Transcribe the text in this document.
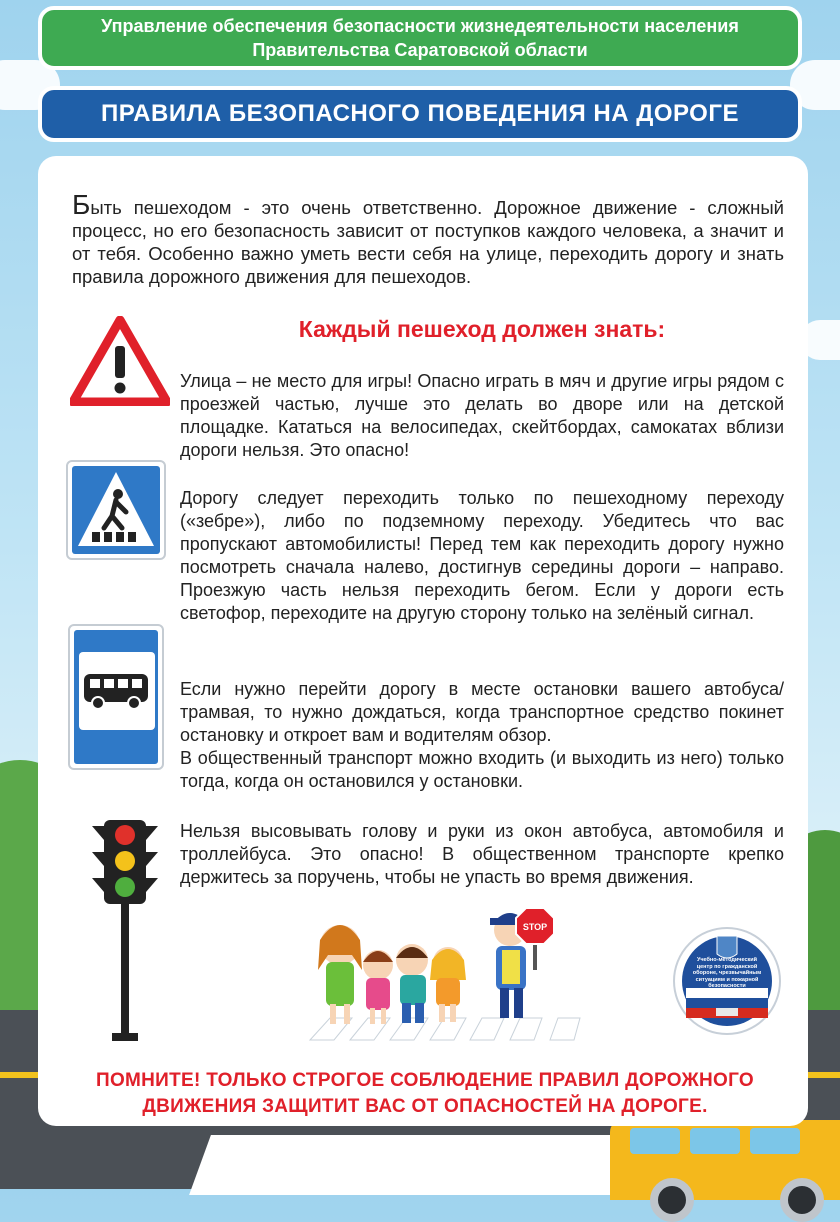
Управление обеспечения безопасности жизнедеятельности населения
Правительства Саратовской области
ПРАВИЛА БЕЗОПАСНОГО ПОВЕДЕНИЯ НА ДОРОГЕ
Быть пешеходом - это очень ответственно. Дорожное движение - сложный процесс, но его безопасность зависит от поступков каждого человека, а значит и от тебя. Особенно важно уметь вести себя на улице, переходить дорогу и знать правила дорожного движения для пешеходов.
Каждый пешеход должен знать:
Улица – не место для игры! Опасно играть в мяч и другие игры рядом с проезжей частью, лучше это делать во дворе или на детской площадке. Кататься на велосипедах, скейтбордах, самокатах вблизи дороги нельзя. Это опасно!
Дорогу следует переходить только по пешеходному переходу («зебре»), либо по подземному переходу. Убедитесь что вас пропускают автомобилисты! Перед тем как переходить дорогу нужно посмотреть сначала налево, достигнув середины дороги – направо. Проезжую часть нельзя переходить бегом. Если у дороги есть светофор, переходите на другую сторону только на зелёный сигнал.
Если нужно перейти дорогу в месте остановки вашего автобуса/трамвая, то нужно дождаться, когда транспортное средство покинет остановку и откроет вам и водителям обзор.
В общественный транспорт можно входить (и выходить из него) только тогда, когда он остановился у остановки.
Нельзя высовывать голову и руки из окон автобуса, автомобиля и троллейбуса. Это опасно! В общественном транспорте крепко держитесь за поручень, чтобы не упасть во время движения.
STOP
Учебно-методический центр по гражданской обороне, чрезвычайным ситуациям и пожарной безопасности Саратовской области
ПОМНИТЕ! ТОЛЬКО СТРОГОЕ СОБЛЮДЕНИЕ ПРАВИЛ ДОРОЖНОГО
ДВИЖЕНИЯ ЗАЩИТИТ ВАС ОТ ОПАСНОСТЕЙ НА ДОРОГЕ.
